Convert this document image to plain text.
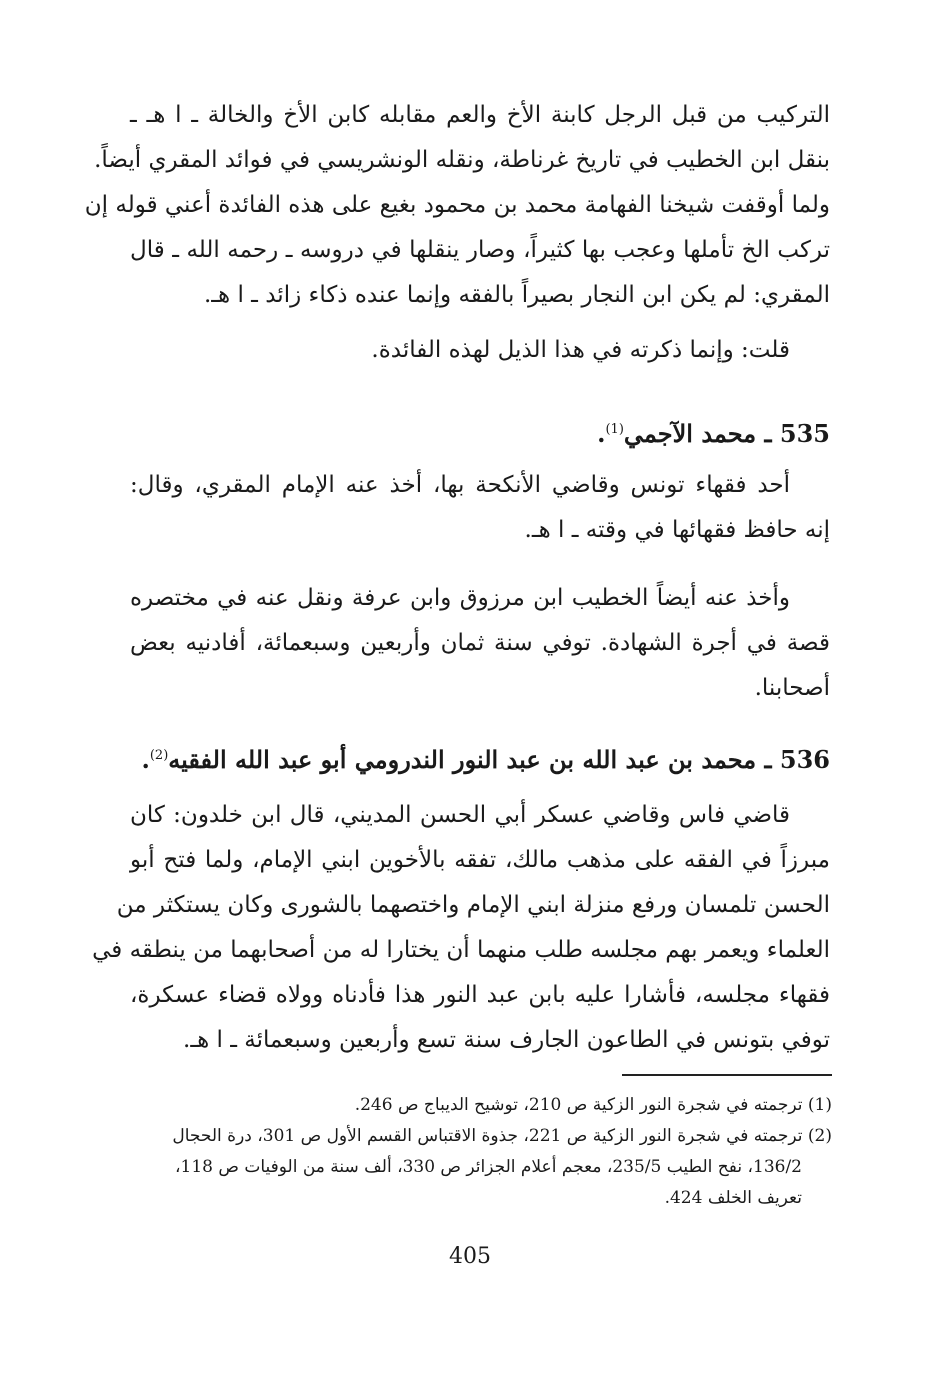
التركيب من قبل الرجل كابنة الأخ والعم مقابله كابن الأخ والخالة ـ ا هـ ـ
بنقل ابن الخطيب في تاريخ غرناطة، ونقله الونشريسي في فوائد المقري أيضاً.
ولما أوقفت شيخنا الفهامة محمد بن محمود بغيع على هذه الفائدة أعني قوله إن
تركب الخ تأملها وعجب بها كثيراً، وصار ينقلها في دروسه ـ رحمه الله ـ قال
المقري: لم يكن ابن النجار بصيراً بالفقه وإنما عنده ذكاء زائد ـ ا هـ.
قلت: وإنما ذكرته في هذا الذيل لهذه الفائدة.
535 ـ محمد الآجمي$^{(1)}$.
أحد فقهاء تونس وقاضي الأنكحة بها، أخذ عنه الإمام المقري، وقال:
إنه حافظ فقهائها في وقته ـ ا هـ.
وأخذ عنه أيضاً الخطيب ابن مرزوق وابن عرفة ونقل عنه في مختصره
قصة في أجرة الشهادة. توفي سنة ثمان وأربعين وسبعمائة، أفادنيه بعض
أصحابنا.
536 ـ محمد بن عبد الله بن عبد النور الندرومي أبو عبد الله الفقيه$^{(2)}$.
قاضي فاس وقاضي عسكر أبي الحسن المديني، قال ابن خلدون: كان
مبرزاً في الفقه على مذهب مالك، تفقه بالأخوين ابني الإمام، ولما فتح أبو
الحسن تلمسان ورفع منزلة ابني الإمام واختصهما بالشورى وكان يستكثر من
العلماء ويعمر بهم مجلسه طلب منهما أن يختارا له من أصحابهما من ينطقه في
فقهاء مجلسه، فأشارا عليه بابن عبد النور هذا فأدناه وولاه قضاء عسكرة،
توفي بتونس في الطاعون الجارف سنة تسع وأربعين وسبعمائة ـ ا هـ.
(1) ترجمته في شجرة النور الزكية ص 210، توشيح الديباج ص 246.
(2) ترجمته في شجرة النور الزكية ص 221، جذوة الاقتباس القسم الأول ص 301، درة الحجال
136/2، نفح الطيب 235/5، معجم أعلام الجزائر ص 330، ألف سنة من الوفيات ص 118،
تعريف الخلف 424.
405
